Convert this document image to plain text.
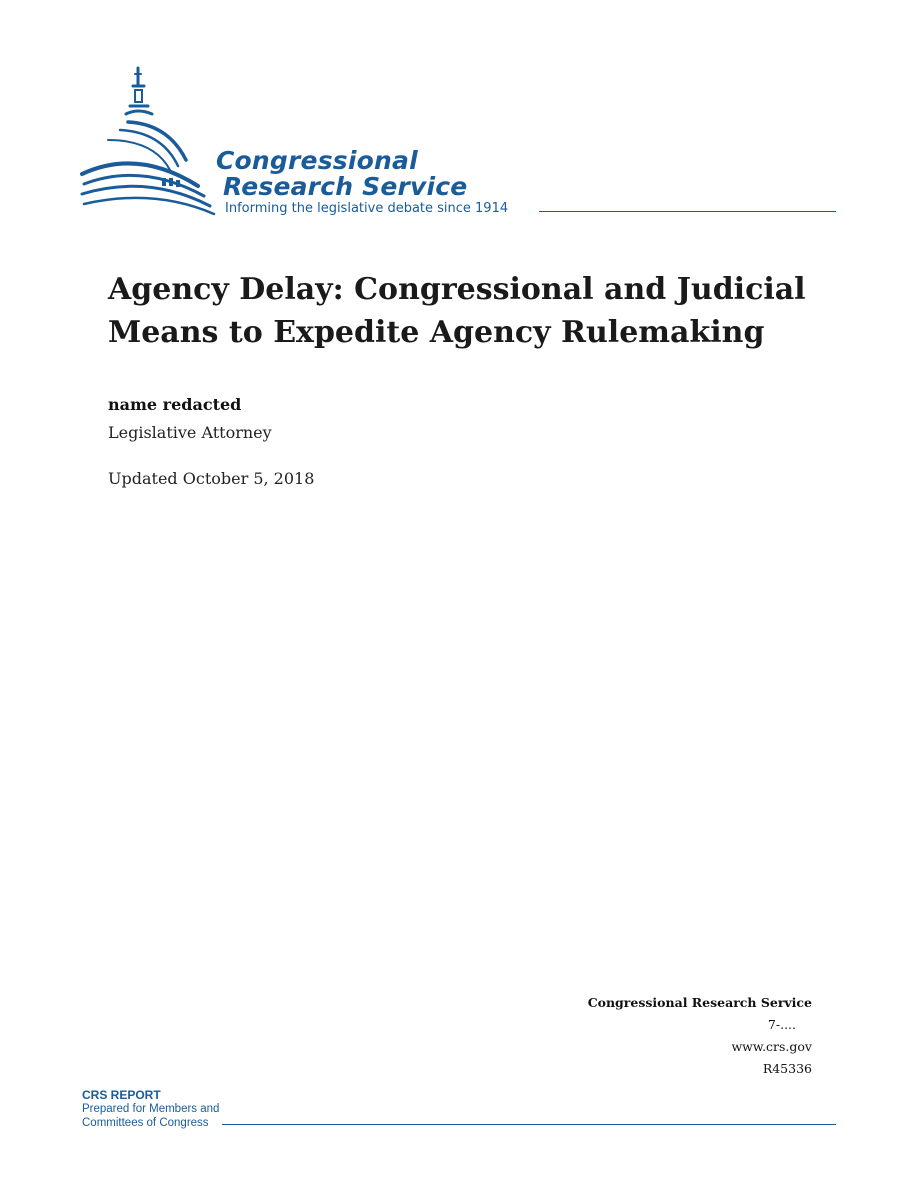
Congressional
Research Service
Informing the legislative debate since 1914
Agency Delay: Congressional and Judicial Means to Expedite Agency Rulemaking
name redacted
Legislative Attorney
Updated October 5, 2018
Congressional Research Service
7-....
www.crs.gov
R45336
CRS REPORT
Prepared for Members and
Committees of Congress
